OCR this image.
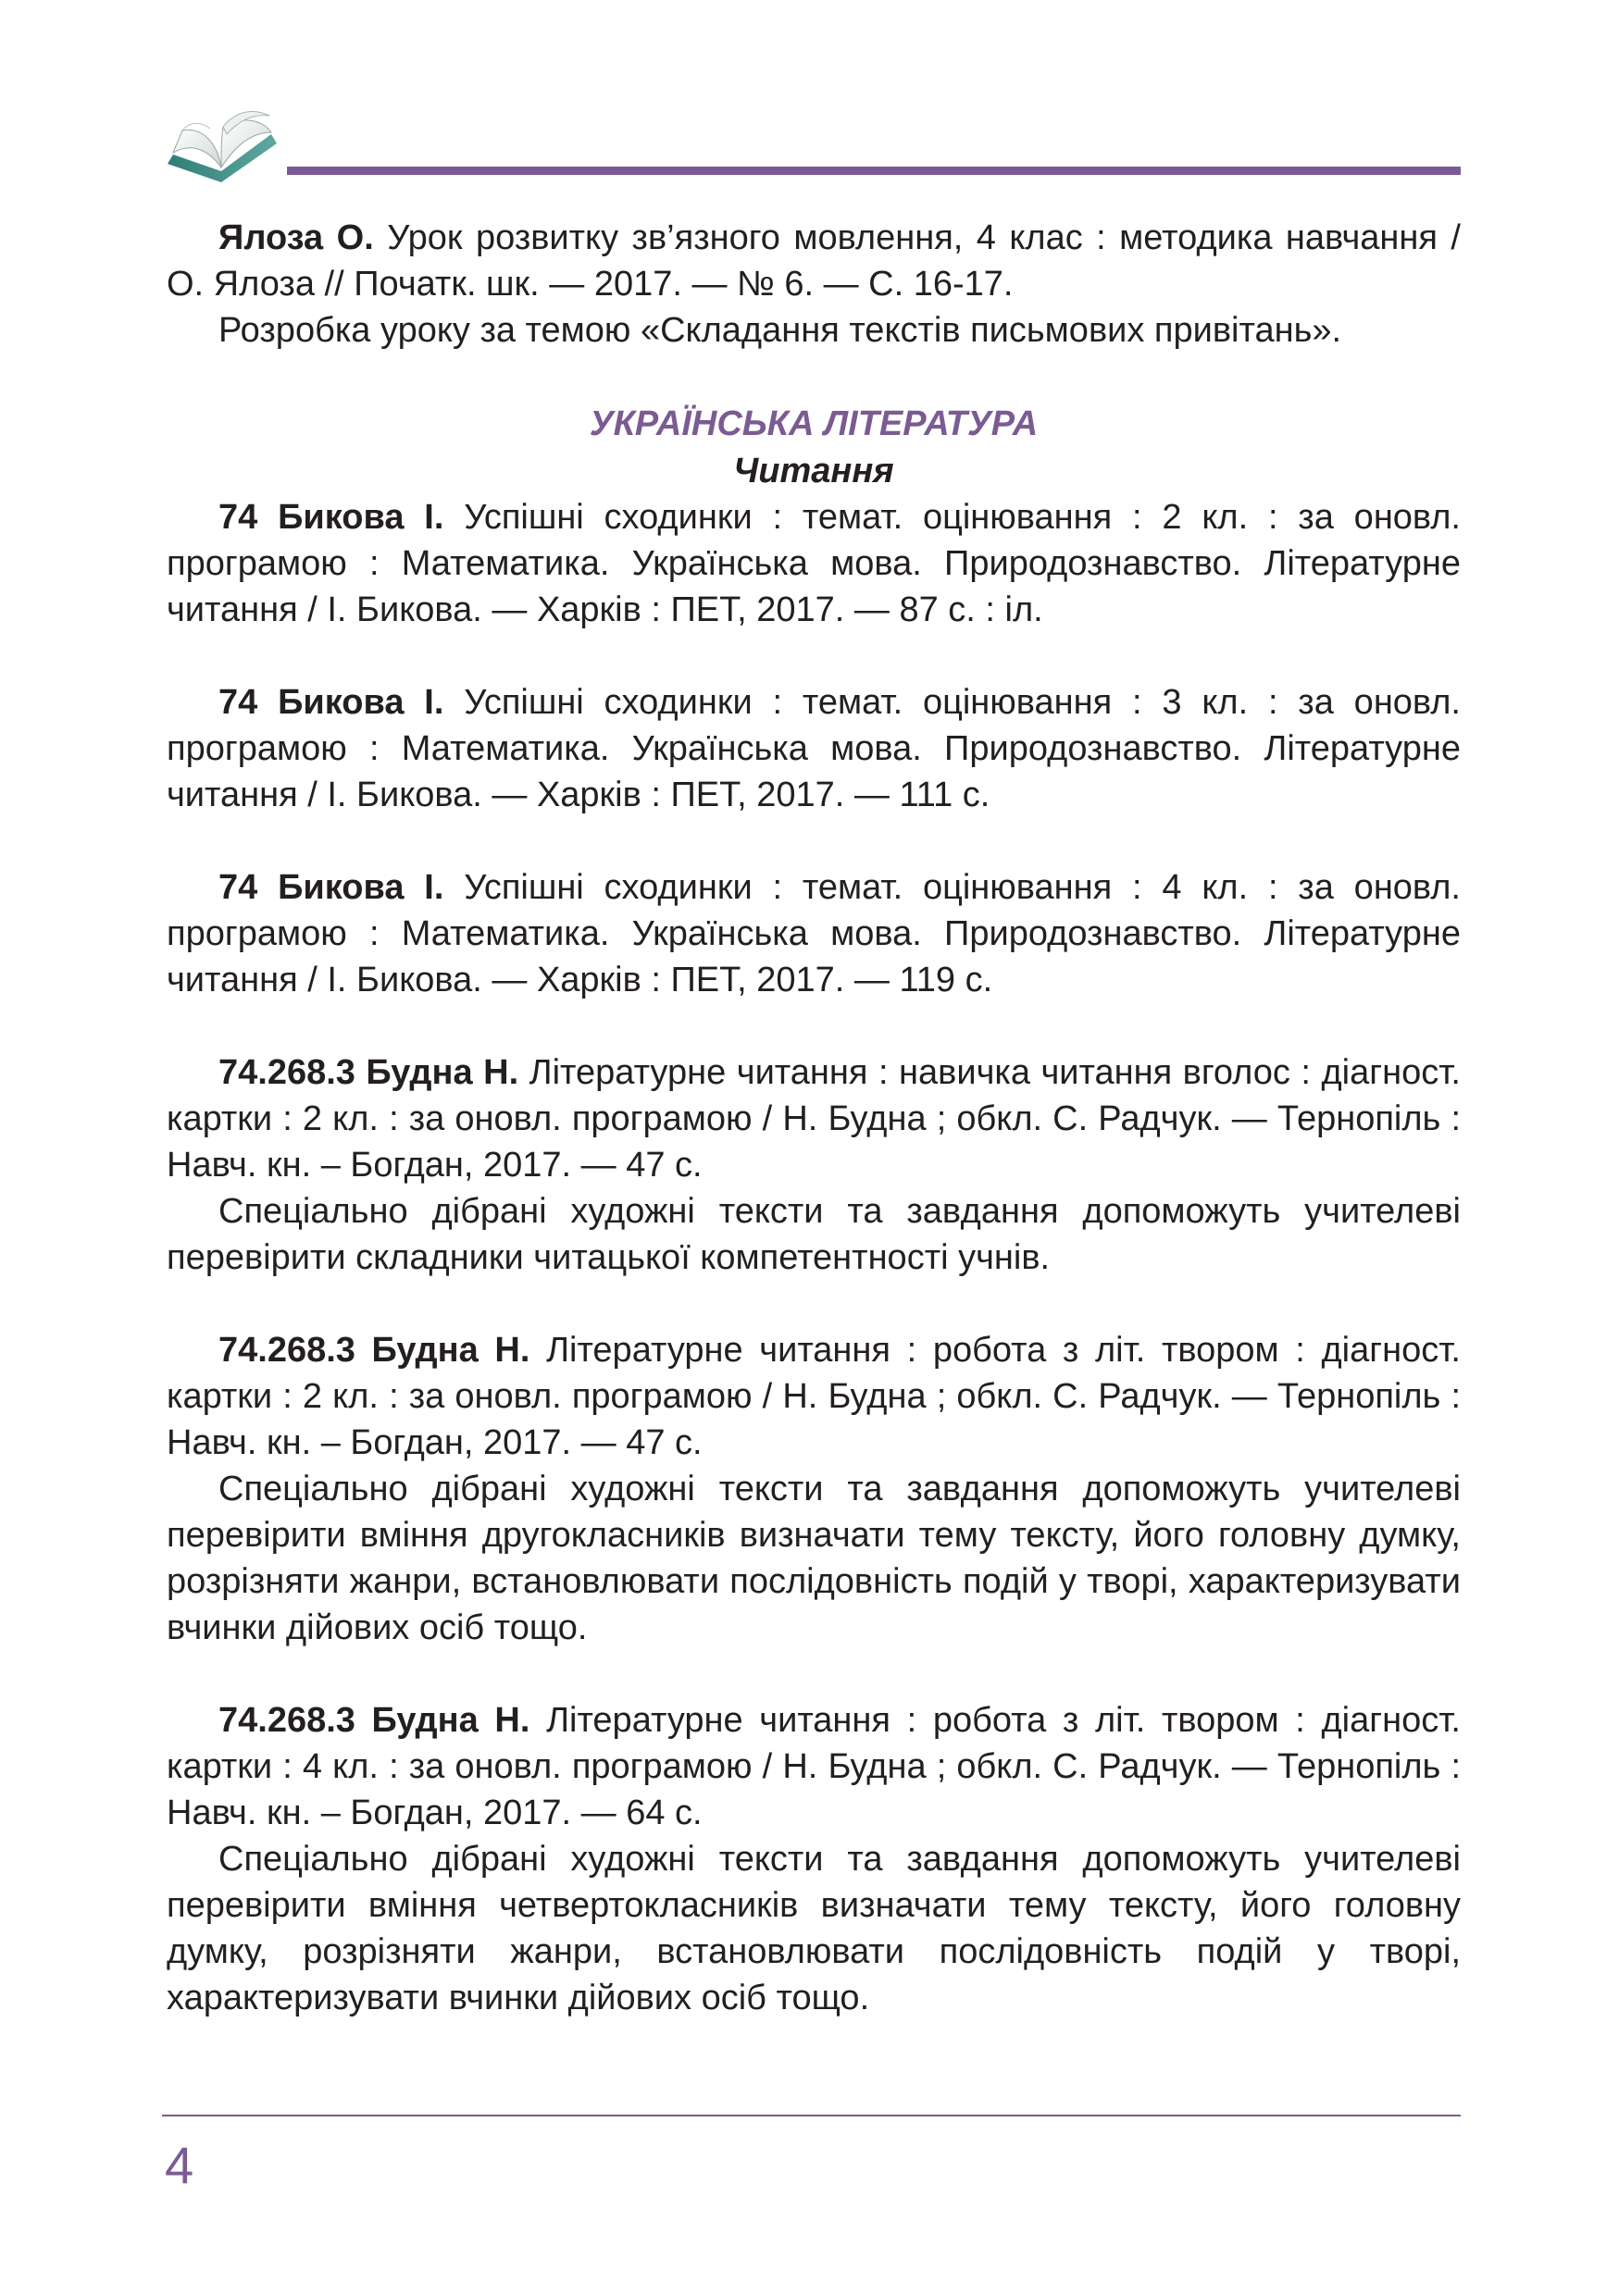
Ялоза О. Урок розвитку зв’язного мовлення, 4 клас : методика навчання / О. Ялоза // Початк. шк. — 2017. — № 6. — С. 16-17.

Розробка уроку за темою «Складання текстів письмових привітань».

УКРАЇНСЬКА ЛІТЕРАТУРА
Читання

74 Бикова І. Успішні сходинки : темат. оцінювання : 2 кл. : за оновл. програмою : Математика. Українська мова. Природознавство. Літературне читання / І. Бикова. — Харків : ПЕТ, 2017. — 87 с. : іл.

74 Бикова І. Успішні сходинки : темат. оцінювання : 3 кл. : за оновл. програмою : Математика. Українська мова. Природознавство. Літературне читання / І. Бикова. — Харків : ПЕТ, 2017. — 111 с.

74 Бикова І. Успішні сходинки : темат. оцінювання : 4 кл. : за оновл. програмою : Математика. Українська мова. Природознавство. Літературне читання / І. Бикова. — Харків : ПЕТ, 2017. — 119 с.

74.268.3 Будна Н. Літературне читання : навичка читання вголос : діагност. картки : 2 кл. : за оновл. програмою / Н. Будна ; обкл. С. Радчук. — Тернопіль : Навч. кн. – Богдан, 2017. — 47 с.

Спеціально дібрані художні тексти та завдання допоможуть учителеві перевірити складники читацької компетентності учнів.

74.268.3 Будна Н. Літературне читання : робота з літ. твором : діагност. картки : 2 кл. : за оновл. програмою / Н. Будна ; обкл. С. Радчук. — Тернопіль : Навч. кн. – Богдан, 2017. — 47 с.

Спеціально дібрані художні тексти та завдання допоможуть учителеві перевірити вміння другокласників визначати тему тексту, його головну думку, розрізняти жанри, встановлювати послідовність подій у творі, характеризувати вчинки дійових осіб тощо.

74.268.3 Будна Н. Літературне читання : робота з літ. твором : діагност. картки : 4 кл. : за оновл. програмою / Н. Будна ; обкл. С. Радчук. — Тернопіль : Навч. кн. – Богдан, 2017. — 64 с.

Спеціально дібрані художні тексти та завдання допоможуть учителеві перевірити вміння четвертокласників визначати тему тексту, його головну думку, розрізняти жанри, встановлювати послідовність подій у творі, характеризувати вчинки дійових осіб тощо.

4
